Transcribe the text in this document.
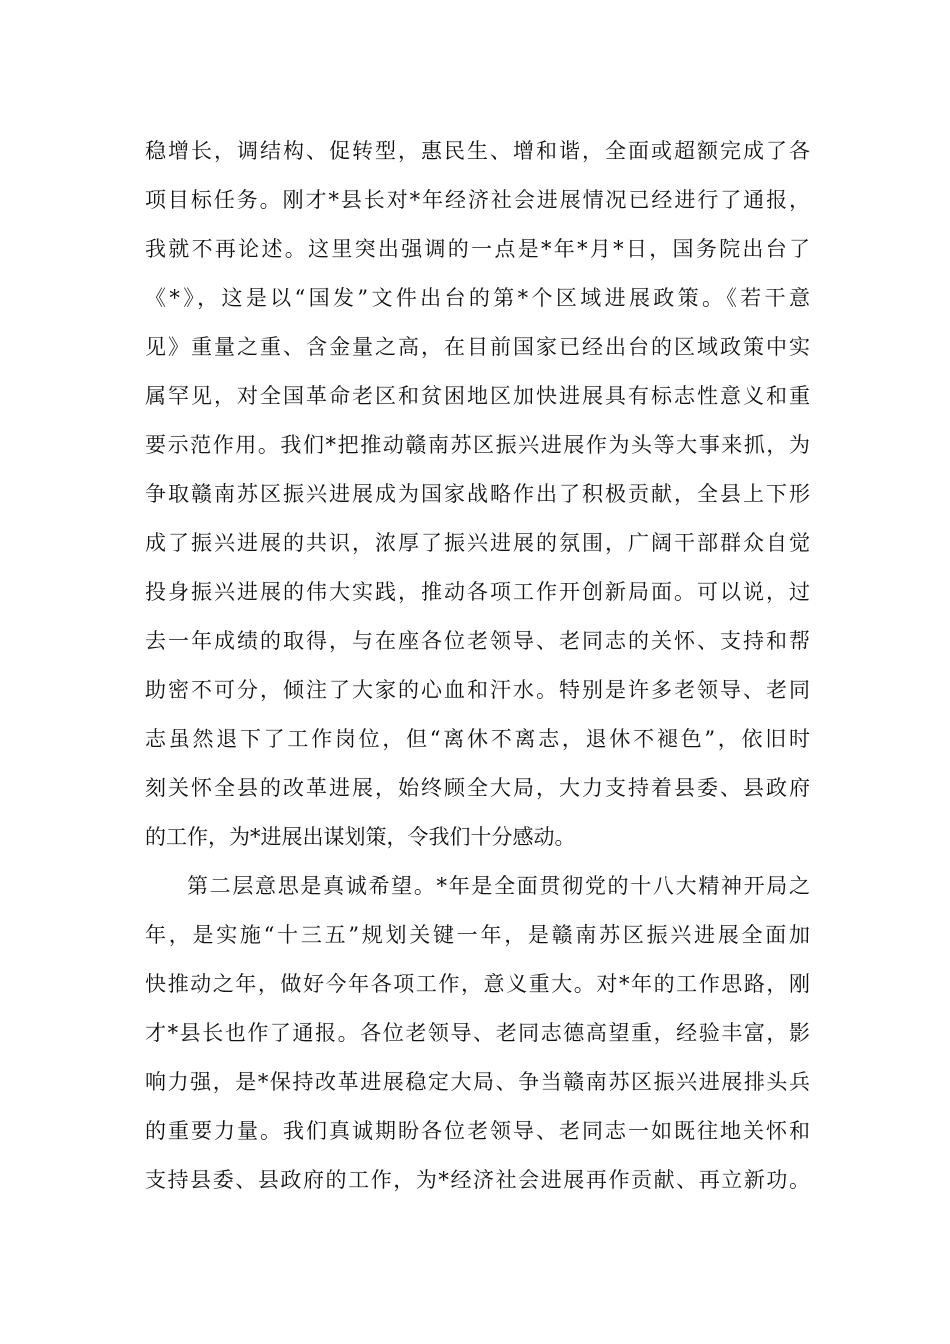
稳增长，调结构、促转型，惠民生、增和谐，全面或超额完成了各
项目标任务。刚才*县长对*年经济社会进展情况已经进行了通报，
我就不再论述。这里突出强调的一点是*年*月*日，国务院出台了
《*》，这是以“国发”文件出台的第*个区域进展政策。《若干意
见》重量之重、含金量之高，在目前国家已经出台的区域政策中实
属罕见，对全国革命老区和贫困地区加快进展具有标志性意义和重
要示范作用。我们*把推动赣南苏区振兴进展作为头等大事来抓，为
争取赣南苏区振兴进展成为国家战略作出了积极贡献，全县上下形
成了振兴进展的共识，浓厚了振兴进展的氛围，广阔干部群众自觉
投身振兴进展的伟大实践，推动各项工作开创新局面。可以说，过
去一年成绩的取得，与在座各位老领导、老同志的关怀、支持和帮
助密不可分，倾注了大家的心血和汗水。特别是许多老领导、老同
志虽然退下了工作岗位，但“离休不离志，退休不褪色”，依旧时
刻关怀全县的改革进展，始终顾全大局，大力支持着县委、县政府
的工作，为*进展出谋划策，令我们十分感动。
第二层意思是真诚希望。*年是全面贯彻党的十八大精神开局之
年，是实施“十三五”规划关键一年，是赣南苏区振兴进展全面加
快推动之年，做好今年各项工作，意义重大。对*年的工作思路，刚
才*县长也作了通报。各位老领导、老同志德高望重，经验丰富，影
响力强，是*保持改革进展稳定大局、争当赣南苏区振兴进展排头兵
的重要力量。我们真诚期盼各位老领导、老同志一如既往地关怀和
支持县委、县政府的工作，为*经济社会进展再作贡献、再立新功。
